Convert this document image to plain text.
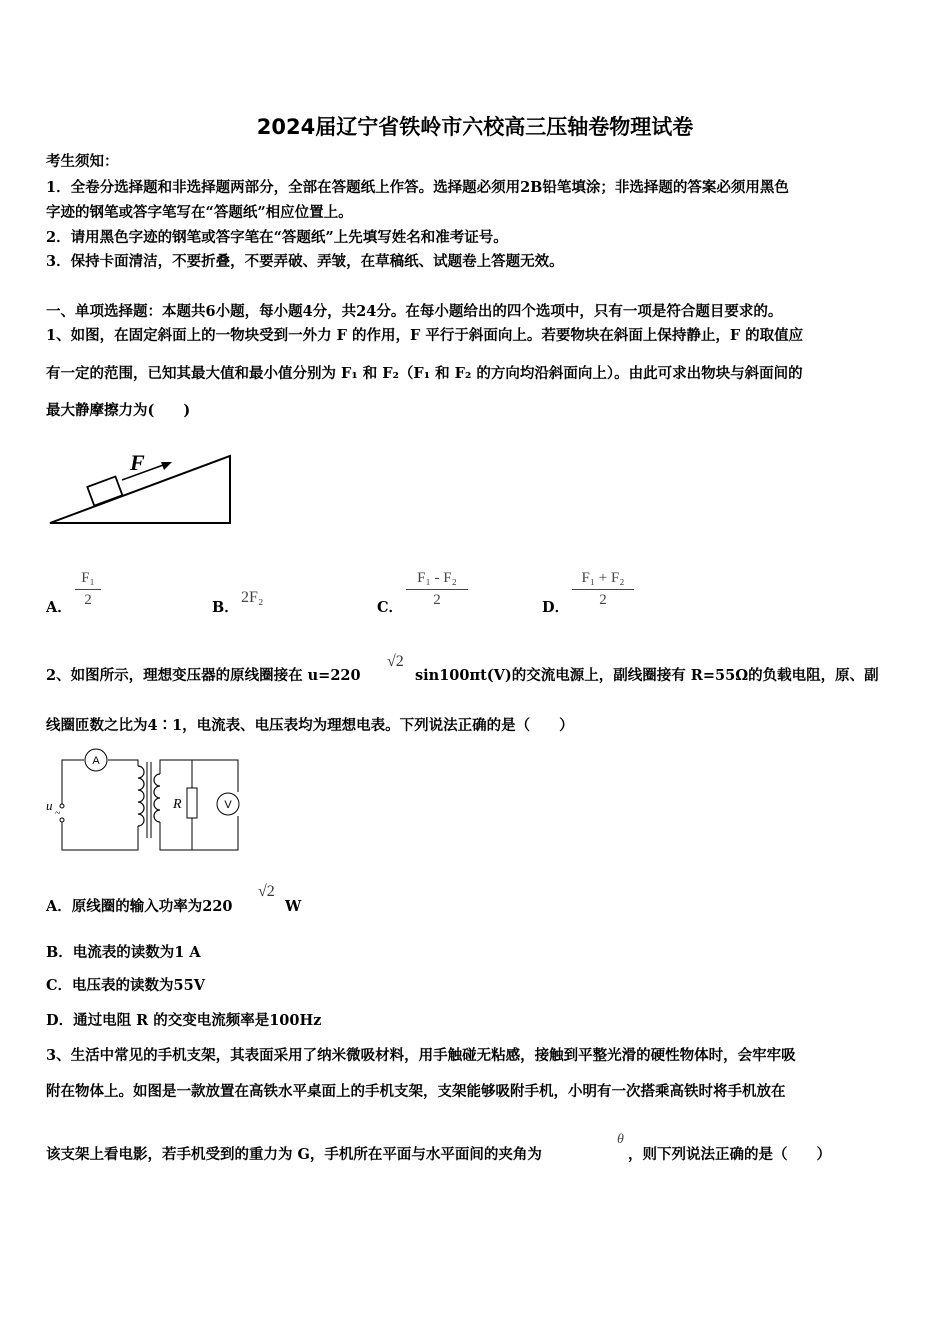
2024届辽宁省铁岭市六校高三压轴卷物理试卷
考生须知：
1．全卷分选择题和非选择题两部分，全部在答题纸上作答。选择题必须用2B铅笔填涂；非选择题的答案必须用黑色
字迹的钢笔或答字笔写在“答题纸”相应位置上。
2．请用黑色字迹的钢笔或答字笔在“答题纸”上先填写姓名和准考证号。
3．保持卡面清洁，不要折叠，不要弄破、弄皱，在草稿纸、试题卷上答题无效。
一、单项选择题：本题共6小题，每小题4分，共24分。在每小题给出的四个选项中，只有一项是符合题目要求的。
1、如图，在固定斜面上的一物块受到一外力 F 的作用，F 平行于斜面向上。若要物块在斜面上保持静止，F 的取值应
有一定的范围，已知其最大值和最小值分别为 F₁ 和 F₂（F₁ 和 F₂ 的方向均沿斜面向上）。由此可求出物块与斜面间的
最大静摩擦力为(　　)
F
A．
F₁
2	B．
2F₂
C．
F₁ - F₂
2	D．
F₁ + F₂
2
2、如图所示，理想变压器的原线圈接在 u=220
√2
sin100πt(V)的交流电源上，副线圈接有 R=55Ω的负载电阻，原、副
线圈匝数之比为4∶1，电流表、电压表均为理想电表。下列说法正确的是（　　）
A
u
~
R	V
A．原线圈的输入功率为220
√2
W
B．电流表的读数为1 A
C．电压表的读数为55V
D．通过电阻 R 的交变电流频率是100Hz
3、生活中常见的手机支架，其表面采用了纳米微吸材料，用手触碰无粘感，接触到平整光滑的硬性物体时，会牢牢吸
附在物体上。如图是一款放置在高铁水平桌面上的手机支架，支架能够吸附手机，小明有一次搭乘高铁时将手机放在
该支架上看电影，若手机受到的重力为 G，手机所在平面与水平面间的夹角为
θ
，则下列说法正确的是（　　）
